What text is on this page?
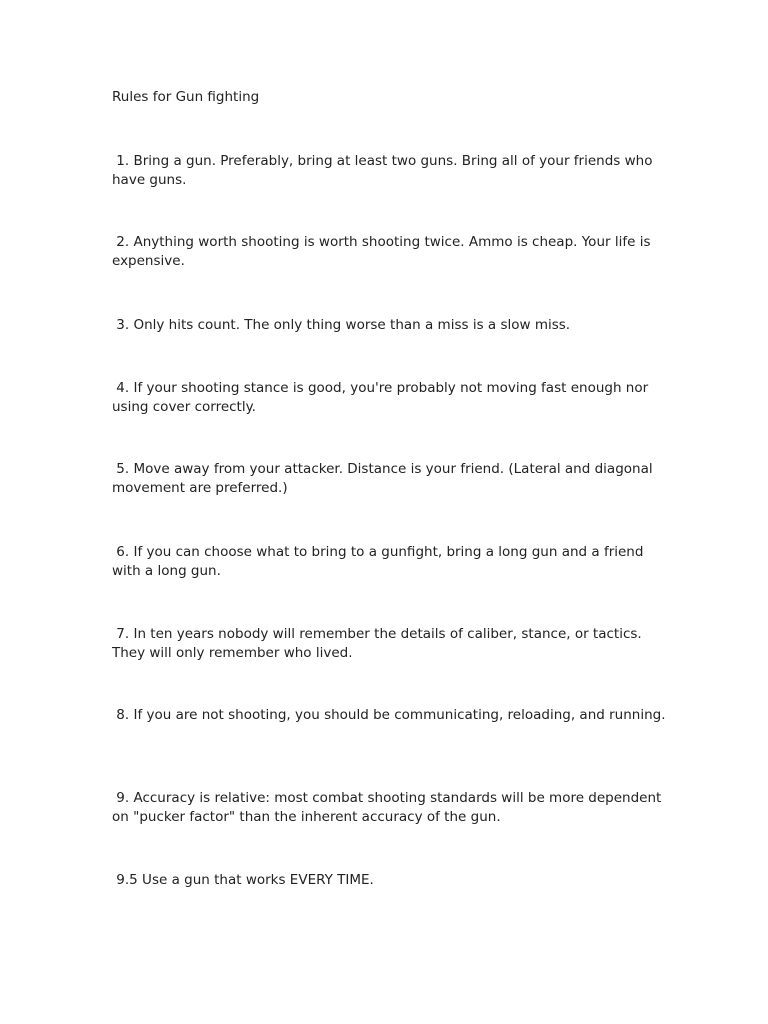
Rules for Gun fighting
1. Bring a gun. Preferably, bring at least two guns. Bring all of your friends who have guns.
2. Anything worth shooting is worth shooting twice. Ammo is cheap. Your life is expensive.
3. Only hits count. The only thing worse than a miss is a slow miss.
4. If your shooting stance is good, you're probably not moving fast enough nor using cover correctly.
5. Move away from your attacker. Distance is your friend. (Lateral and diagonal movement are preferred.)
6. If you can choose what to bring to a gunfight, bring a long gun and a friend with a long gun.
7. In ten years nobody will remember the details of caliber, stance, or tactics. They will only remember who lived.
8. If you are not shooting, you should be communicating, reloading, and running.
9. Accuracy is relative: most combat shooting standards will be more dependent on "pucker factor" than the inherent accuracy of the gun.
9.5 Use a gun that works EVERY TIME.
